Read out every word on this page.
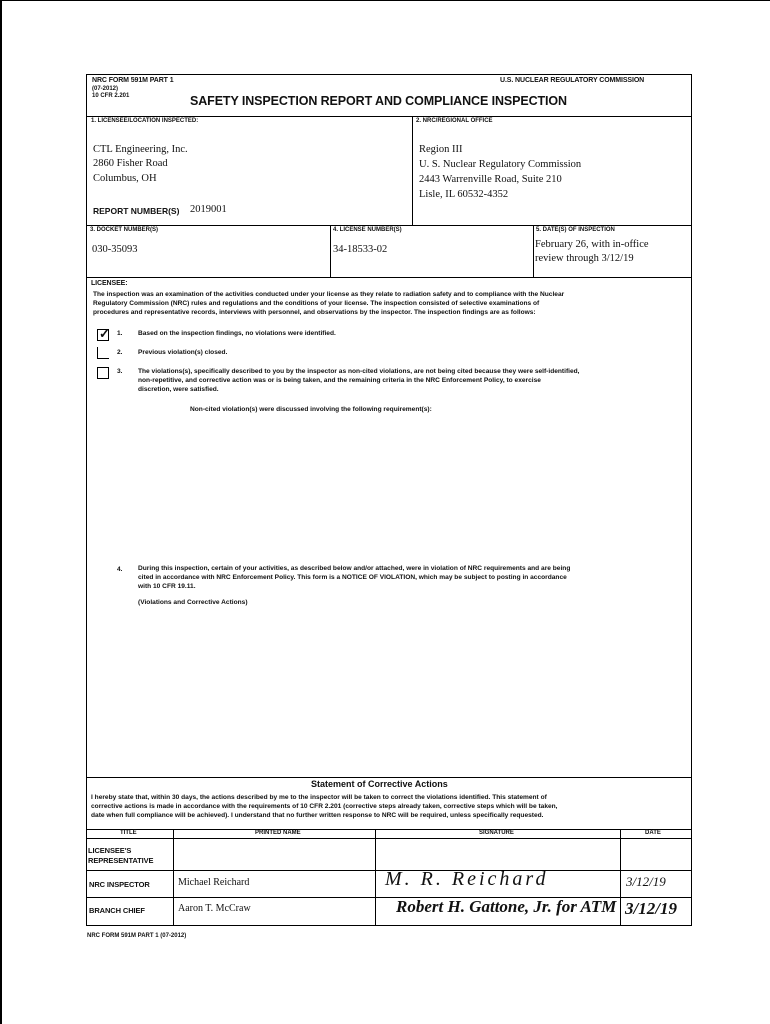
NRC FORM 591M PART 1
(07-2012)
10 CFR 2.201
U.S. NUCLEAR REGULATORY COMMISSION
SAFETY INSPECTION REPORT AND COMPLIANCE INSPECTION
1. LICENSEE/LOCATION INSPECTED:
CTL Engineering, Inc.
2860 Fisher Road
Columbus, OH
REPORT NUMBER(S) 2019001
2. NRC/REGIONAL OFFICE
Region III
U. S. Nuclear Regulatory Commission
2443 Warrenville Road, Suite 210
Lisle, IL 60532-4352
3. DOCKET NUMBER(S)
030-35093
4. LICENSE NUMBER(S)
34-18533-02
5. DATE(S) OF INSPECTION
February 26, with in-office
review through 3/12/19
LICENSEE:
The inspection was an examination of the activities conducted under your license as they relate to radiation safety and to compliance with the Nuclear
Regulatory Commission (NRC) rules and regulations and the conditions of your license. The inspection consisted of selective examinations of
procedures and representative records, interviews with personnel, and observations by the inspector. The inspection findings are as follows:
✓ 1. Based on the inspection findings, no violations were identified.
2. Previous violation(s) closed.
3. The violations(s), specifically described to you by the inspector as non-cited violations, are not being cited because they were self-identified,
non-repetitive, and corrective action was or is being taken, and the remaining criteria in the NRC Enforcement Policy, to exercise
discretion, were satisfied.
Non-cited violation(s) were discussed involving the following requirement(s):
4. During this inspection, certain of your activities, as described below and/or attached, were in violation of NRC requirements and are being
cited in accordance with NRC Enforcement Policy. This form is a NOTICE OF VIOLATION, which may be subject to posting in accordance
with 10 CFR 19.11.
(Violations and Corrective Actions)
Statement of Corrective Actions
I hereby state that, within 30 days, the actions described by me to the inspector will be taken to correct the violations identified. This statement of
corrective actions is made in accordance with the requirements of 10 CFR 2.201 (corrective steps already taken, corrective steps which will be taken,
date when full compliance will be achieved). I understand that no further written response to NRC will be required, unless specifically requested.
TITLE	PRINTED NAME	SIGNATURE	DATE
LICENSEE'S
REPRESENTATIVE
NRC INSPECTOR	Michael Reichard	M. R. Reichard	3/12/19
BRANCH CHIEF	Aaron T. McCraw	Robert H. Gattone, Jr. for ATM 3/12/19
NRC FORM 591M PART 1 (07-2012)
